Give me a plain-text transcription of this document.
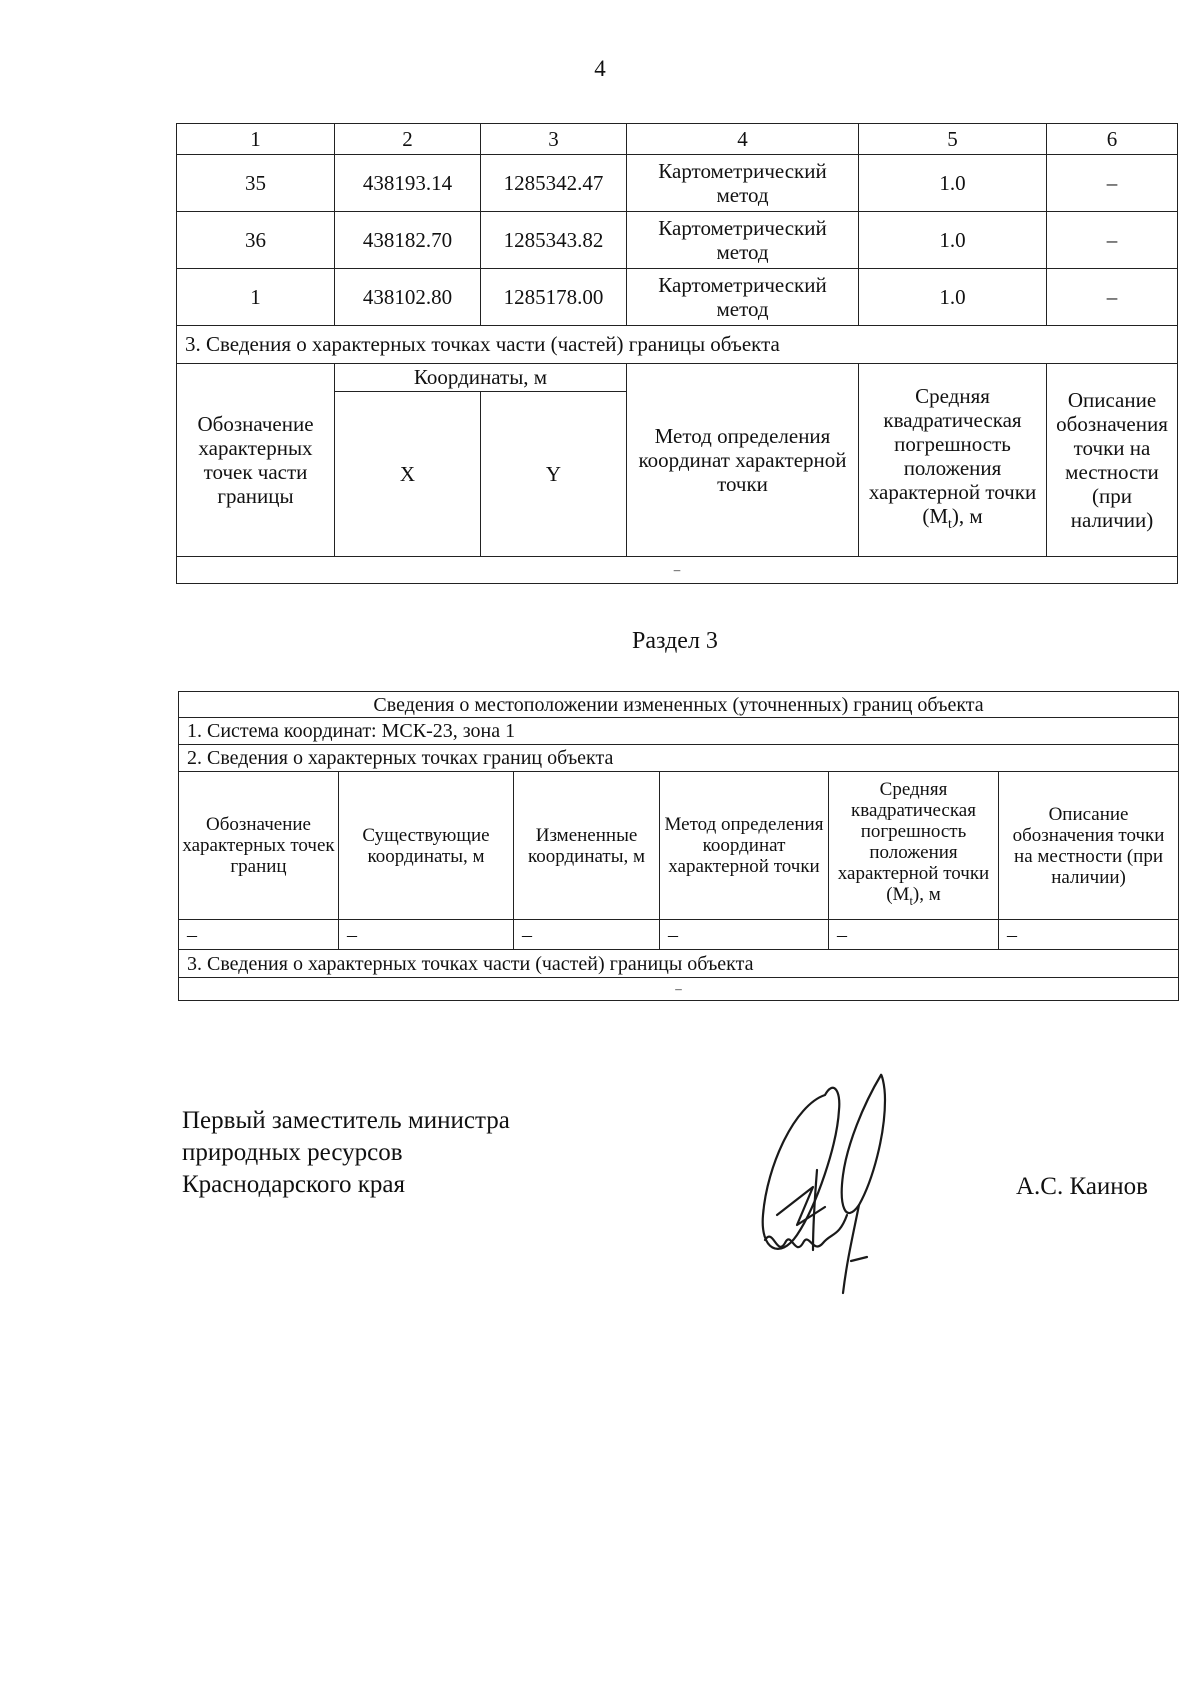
4
1	2	3	4	5	6
35	438193.14	1285342.47	Картометрический метод	1.0	–
36	438182.70	1285343.82	Картометрический метод	1.0	–
1	438102.80	1285178.00	Картометрический метод	1.0	–
3. Сведения о характерных точках части (частей) границы объекта					
Обозначение характерных точек части границы	Координаты, м		Метод определения координат характерной точки	Средняя квадратическая погрешность положения характерной точки $(M_t)$, м	Описание обозначения точки на местности (при наличии)
	X	Y			
–					
Раздел 3
Сведения о местоположении измененных (уточненных) границ объекта					
1. Система координат: МСК-23, зона 1					
2. Сведения о характерных точках границ объекта					
Обозначение характерных точек границ	Существующие координаты, м	Измененные координаты, м	Метод определения координат характерной точки	Средняя квадратическая погрешность положения характерной точки $(M_t)$, м	Описание обозначения точки на местности (при наличии)
–	–	–	–	–	–
3. Сведения о характерных точках части (частей) границы объекта					
–					
Первый заместитель министра
природных ресурсов
Краснодарского края	А.С. Каинов
